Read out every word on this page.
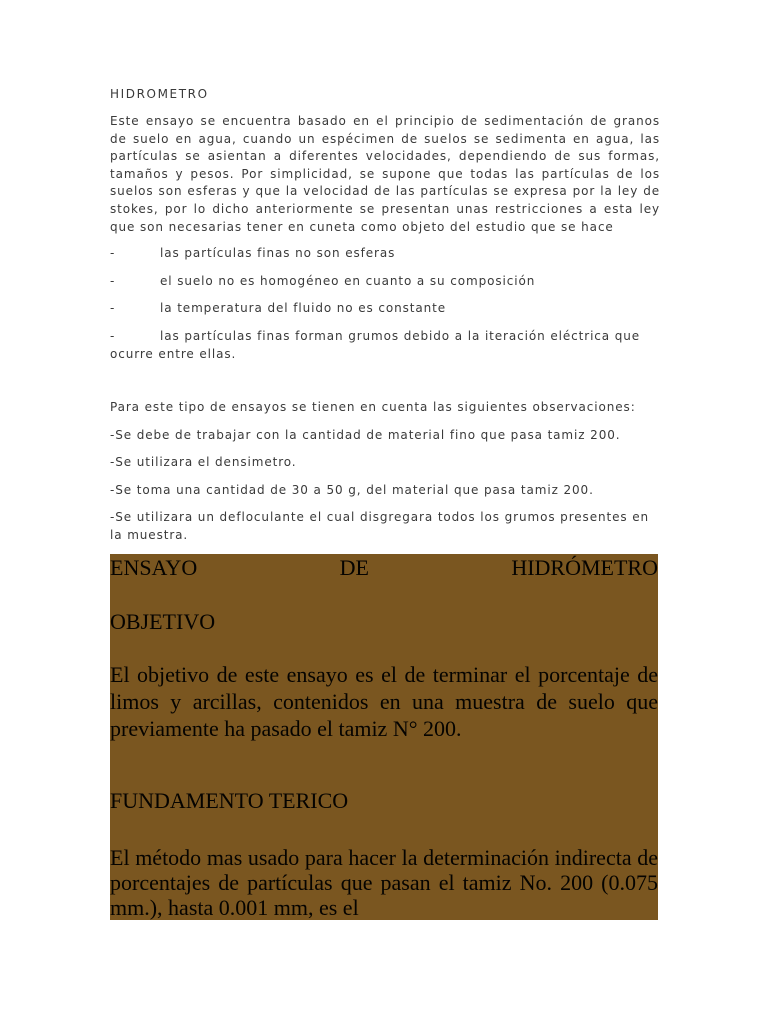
HIDROMETRO

Este ensayo se encuentra basado en el principio de sedimentación de granos de suelo en agua, cuando un espécimen de suelos se sedimenta en agua, las partículas se asientan a diferentes velocidades, dependiendo de sus formas, tamaños y pesos. Por simplicidad, se supone que todas las partículas de los suelos son esferas y que la velocidad de las partículas se expresa por la ley de stokes, por lo dicho anteriormente se presentan unas restricciones a esta ley que son necesarias tener en cuneta como objeto del estudio que se hace

-	las partículas finas no son esferas

-	el suelo no es homogéneo en cuanto a su composición

-	la temperatura del fluido no es constante

-	las partículas finas forman grumos debido a la iteración eléctrica que ocurre entre ellas.

Para este tipo de ensayos se tienen en cuenta las siguientes observaciones:

-Se debe de trabajar con la cantidad de material fino que pasa tamiz 200.

-Se utilizara el densimetro.

-Se toma una cantidad de 30 a 50 g, del material que pasa tamiz 200.

-Se utilizara un defloculante el cual disgregara todos los grumos presentes en la muestra.

ENSAYO DE HIDRÓMETRO

OBJETIVO

El objetivo de este ensayo es el de terminar el porcentaje de limos y arcillas, contenidos en una muestra de suelo que previamente ha pasado el tamiz N° 200.

FUNDAMENTO TERICO

El método mas usado para hacer la determinación indirecta de porcentajes de partículas que pasan el tamiz No. 200 (0.075 mm.), hasta 0.001 mm, es el
